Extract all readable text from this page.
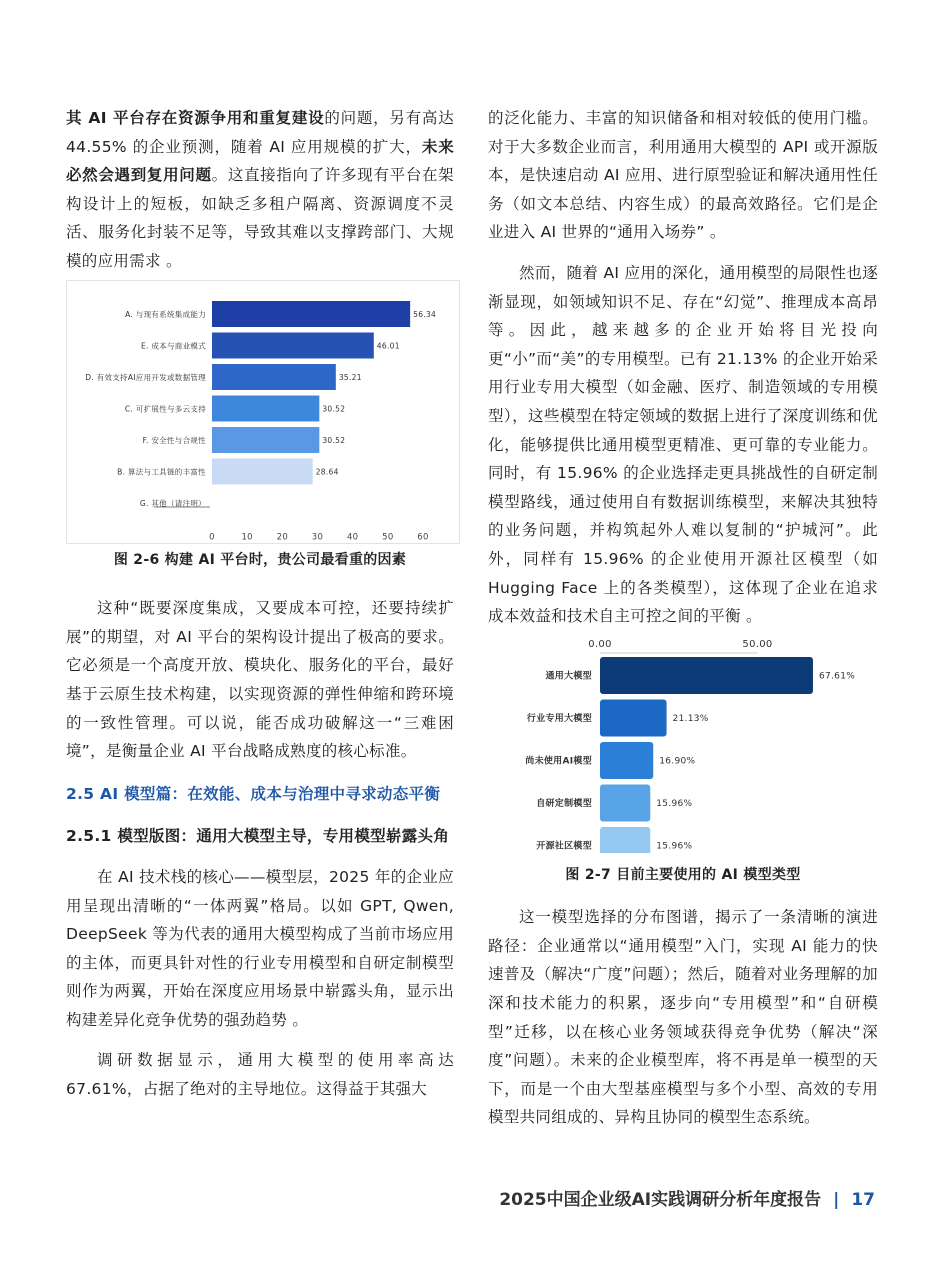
其 AI 平台存在资源争用和重复建设的问题，另有高达 44.55% 的企业预测，随着 AI 应用规模的扩大，未来必然会遇到复用问题。这直接指向了许多现有平台在架构设计上的短板，如缺乏多租户隔离、资源调度不灵活、服务化封装不足等，导致其难以支撑跨部门、大规模的应用需求 。

A. 与现有系统集成能力	56.34
E. 成本与商业模式	46.01
D. 有效支持AI应用开发或数据管理	35.21
C. 可扩展性与多云支持	30.52
F. 安全性与合规性	30.52
B. 算法与工具链的丰富性	28.64
G. 其他（请注明）
0	10	20	30	40	50	60
图 2-6 构建 AI 平台时，贵公司最看重的因素

这种“既要深度集成，又要成本可控，还要持续扩展”的期望，对 AI 平台的架构设计提出了极高的要求。它必须是一个高度开放、模块化、服务化的平台，最好基于云原生技术构建，以实现资源的弹性伸缩和跨环境的一致性管理。可以说，能否成功破解这一“三难困境”，是衡量企业 AI 平台战略成熟度的核心标准。

2.5 AI 模型篇：在效能、成本与治理中寻求动态平衡
2.5.1 模型版图：通用大模型主导，专用模型崭露头角

在 AI 技术栈的核心——模型层，2025 年的企业应用呈现出清晰的“一体两翼”格局。以如 GPT, Qwen, DeepSeek 等为代表的通用大模型构成了当前市场应用的主体，而更具针对性的行业专用模型和自研定制模型则作为两翼，开始在深度应用场景中崭露头角，显示出构建差异化竞争优势的强劲趋势 。

调研数据显示，通用大模型的使用率高达 67.61%，占据了绝对的主导地位。这得益于其强大

的泛化能力、丰富的知识储备和相对较低的使用门槛。对于大多数企业而言，利用通用大模型的 API 或开源版本，是快速启动 AI 应用、进行原型验证和解决通用性任务（如文本总结、内容生成）的最高效路径。它们是企业进入 AI 世界的“通用入场券” 。

然而，随着 AI 应用的深化，通用模型的局限性也逐渐显现，如领域知识不足、存在“幻觉”、推理成本高昂等。因此，越来越多的企业开始将目光投向更“小”而“美”的专用模型。已有 21.13% 的企业开始采用行业专用大模型（如金融、医疗、制造领域的专用模型），这些模型在特定领域的数据上进行了深度训练和优化，能够提供比通用模型更精准、更可靠的专业能力。同时，有 15.96% 的企业选择走更具挑战性的自研定制模型路线，通过使用自有数据训练模型，来解决其独特的业务问题，并构筑起外人难以复制的“护城河”。此外，同样有 15.96% 的企业使用开源社区模型（如 Hugging Face 上的各类模型），这体现了企业在追求成本效益和技术自主可控之间的平衡 。

0.00	50.00
通用大模型	67.61%
行业专用大模型	21.13%
尚未使用AI模型	16.90%
自研定制模型	15.96%
开源社区模型	15.96%
图 2-7 目前主要使用的 AI 模型类型

这一模型选择的分布图谱，揭示了一条清晰的演进路径：企业通常以“通用模型”入门，实现 AI 能力的快速普及（解决“广度”问题）；然后，随着对业务理解的加深和技术能力的积累，逐步向“专用模型”和“自研模型”迁移，以在核心业务领域获得竞争优势（解决“深度”问题）。未来的企业模型库，将不再是单一模型的天下，而是一个由大型基座模型与多个小型、高效的专用模型共同组成的、异构且协同的模型生态系统。

2025中国企业级AI实践调研分析年度报告 | 17
